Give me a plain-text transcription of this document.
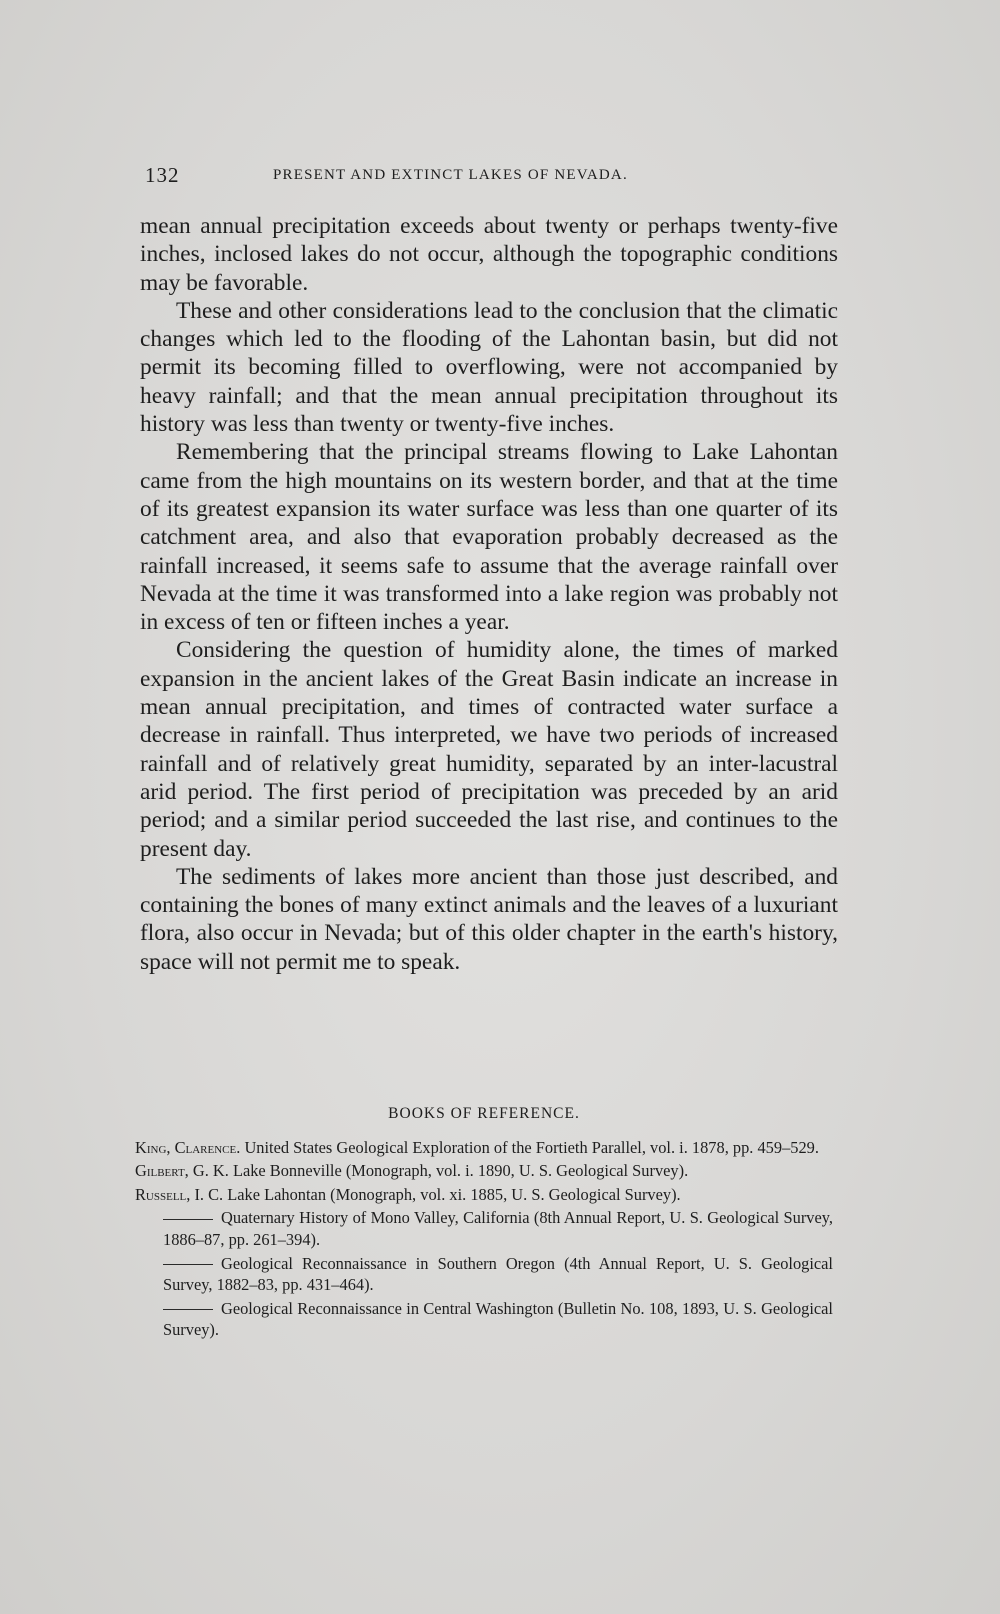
132	PRESENT AND EXTINCT LAKES OF NEVADA.

mean annual precipitation exceeds about twenty or perhaps twenty-five inches, inclosed lakes do not occur, although the topographic conditions may be favorable.

These and other considerations lead to the conclusion that the climatic changes which led to the flooding of the Lahontan basin, but did not permit its becoming filled to overflowing, were not accompanied by heavy rainfall; and that the mean annual precipitation throughout its history was less than twenty or twenty-five inches.

Remembering that the principal streams flowing to Lake Lahontan came from the high mountains on its western border, and that at the time of its greatest expansion its water surface was less than one quarter of its catchment area, and also that evaporation probably decreased as the rainfall increased, it seems safe to assume that the average rainfall over Nevada at the time it was transformed into a lake region was probably not in excess of ten or fifteen inches a year.

Considering the question of humidity alone, the times of marked expansion in the ancient lakes of the Great Basin indicate an increase in mean annual precipitation, and times of contracted water surface a decrease in rainfall. Thus interpreted, we have two periods of increased rainfall and of relatively great humidity, separated by an inter-lacustral arid period. The first period of precipitation was preceded by an arid period; and a similar period succeeded the last rise, and continues to the present day.

The sediments of lakes more ancient than those just described, and containing the bones of many extinct animals and the leaves of a luxuriant flora, also occur in Nevada; but of this older chapter in the earth's history, space will not permit me to speak.

BOOKS OF REFERENCE.
King, Clarence. United States Geological Exploration of the Fortieth Parallel, vol. i. 1878, pp. 459–529.
Gilbert, G. K. Lake Bonneville (Monograph, vol. i. 1890, U. S. Geological Survey).
Russell, I. C. Lake Lahontan (Monograph, vol. xi. 1885, U. S. Geological Survey).
Quaternary History of Mono Valley, California (8th Annual Report, U. S. Geological Survey, 1886–87, pp. 261–394).
Geological Reconnaissance in Southern Oregon (4th Annual Report, U. S. Geological Survey, 1882–83, pp. 431–464).
Geological Reconnaissance in Central Washington (Bulletin No. 108, 1893, U. S. Geological Survey).
